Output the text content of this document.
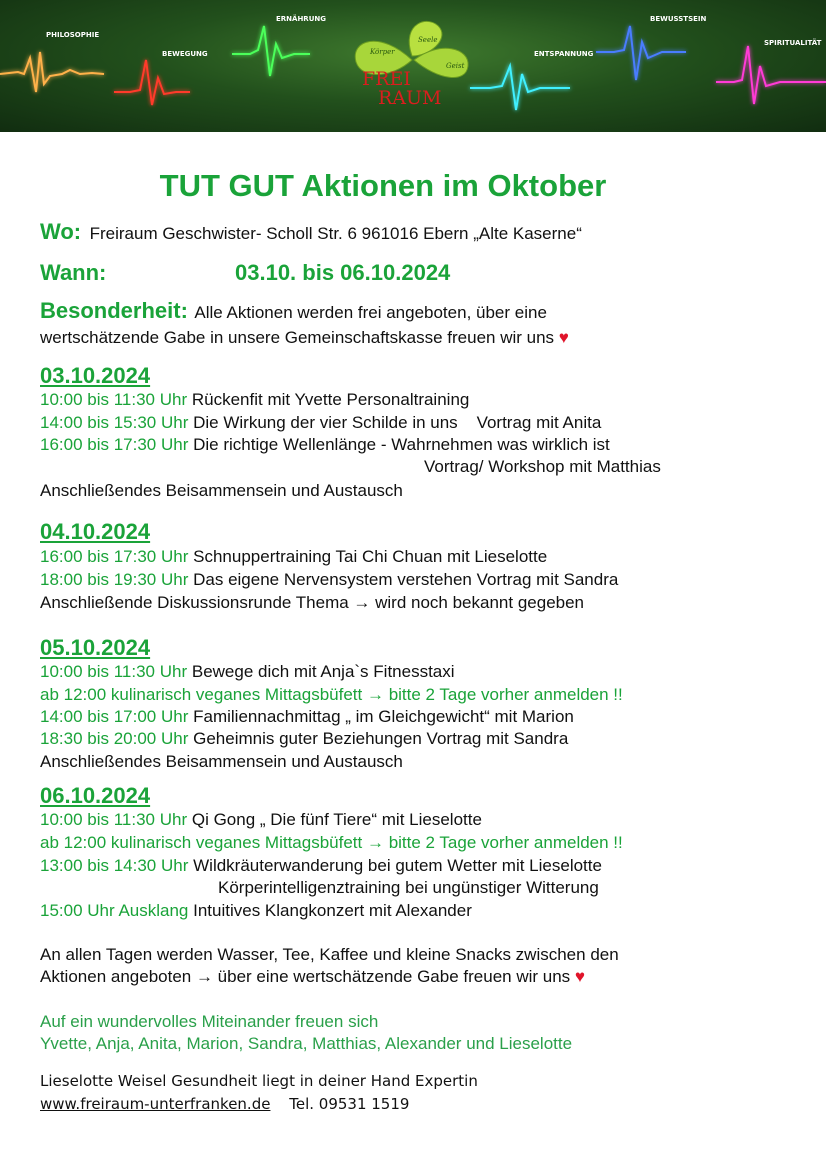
PHILOSOPHIE
BEWEGUNG
ERNÄHRUNG
ENTSPANNUNG
BEWUSSTSEIN
SPIRITUALITÄT
Körper
Seele
Geist
FREI
RAUM
TUT GUT Aktionen im Oktober
Wo: Freiraum Geschwister- Scholl Str. 6 961016 Ebern „Alte Kaserne“
Wann:	03.10. bis 06.10.2024
Besonderheit: Alle Aktionen werden frei angeboten, über eine
wertschätzende Gabe in unsere Gemeinschaftskasse freuen wir uns ♥
03.10.2024
10:00 bis 11:30 Uhr Rückenfit mit Yvette Personaltraining
14:00 bis 15:30 Uhr Die Wirkung der vier Schilde in uns    Vortrag mit Anita
16:00 bis 17:30 Uhr Die richtige Wellenlänge - Wahrnehmen was wirklich ist
Vortrag/ Workshop mit Matthias
Anschließendes Beisammensein und Austausch
04.10.2024
16:00 bis 17:30 Uhr Schnuppertraining Tai Chi Chuan mit Lieselotte
18:00 bis 19:30 Uhr Das eigene Nervensystem verstehen Vortrag mit Sandra
Anschließende Diskussionsrunde Thema → wird noch bekannt gegeben
05.10.2024
10:00 bis 11:30 Uhr Bewege dich mit Anja`s Fitnesstaxi
ab 12:00 kulinarisch veganes Mittagsbüfett → bitte 2 Tage vorher anmelden !!
14:00 bis 17:00 Uhr Familiennachmittag „ im Gleichgewicht“ mit Marion
18:30 bis 20:00 Uhr Geheimnis guter Beziehungen Vortrag mit Sandra
Anschließendes Beisammensein und Austausch
06.10.2024
10:00 bis 11:30 Uhr Qi Gong „ Die fünf Tiere“ mit Lieselotte
ab 12:00 kulinarisch veganes Mittagsbüfett → bitte 2 Tage vorher anmelden !!
13:00 bis 14:30 Uhr Wildkräuterwanderung bei gutem Wetter mit Lieselotte
Körperintelligenztraining bei ungünstiger Witterung
15:00 Uhr Ausklang Intuitives Klangkonzert mit Alexander
An allen Tagen werden Wasser, Tee, Kaffee und kleine Snacks zwischen den
Aktionen angeboten → über eine wertschätzende Gabe freuen wir uns ♥
Auf ein wundervolles Miteinander freuen sich
Yvette, Anja, Anita, Marion, Sandra, Matthias, Alexander und Lieselotte
Lieselotte Weisel Gesundheit liegt in deiner Hand Expertin
www.freiraum-unterfranken.de Tel. 09531 1519
